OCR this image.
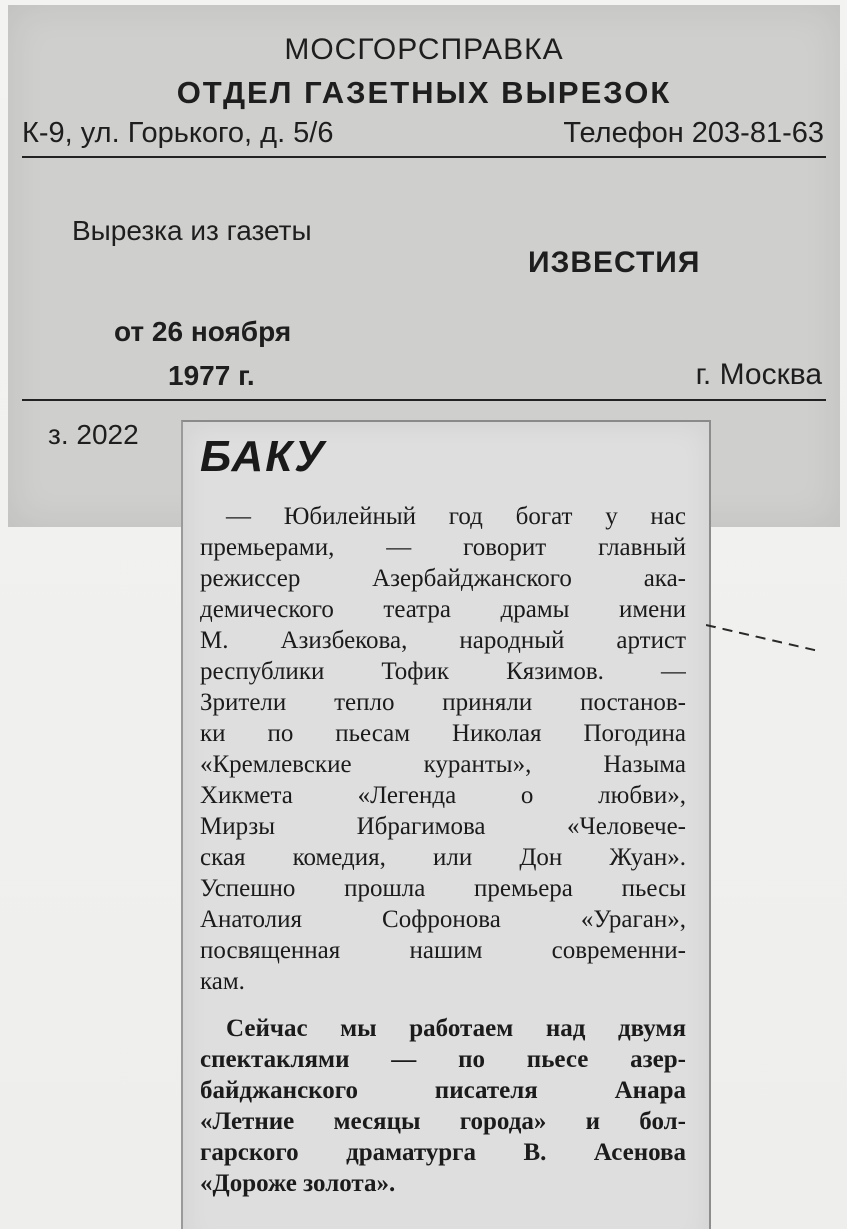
МОСГОРСПРАВКА
ОТДЕЛ ГАЗЕТНЫХ ВЫРЕЗОК
К-9, ул. Горького, д. 5/6	Телефон 203-81-63
Вырезка из газеты
ИЗВЕСТИЯ
от 26 ноября
1977 г.	г. Москва
з. 2022 БАКУ
— Юбилейный год богат у нас
премьерами, — говорит главный
режиссер Азербайджанского ака-
демического театра драмы имени
М. Азизбекова, народный артист
республики Тофик Кязимов. —
Зрители тепло приняли постанов-
ки по пьесам Николая Погодина
«Кремлевские куранты», Назыма
Хикмета «Легенда о любви»,
Мирзы Ибрагимова «Человече-
ская комедия, или Дон Жуан».
Успешно прошла премьера пьесы
Анатолия Софронова «Ураган»,
посвященная нашим современни-
кам.
Сейчас мы работаем над двумя
спектаклями — по пьесе азер-
байджанского писателя Анара
«Летние месяцы города» и бол-
гарского драматурга В. Асенова
«Дороже золота».
